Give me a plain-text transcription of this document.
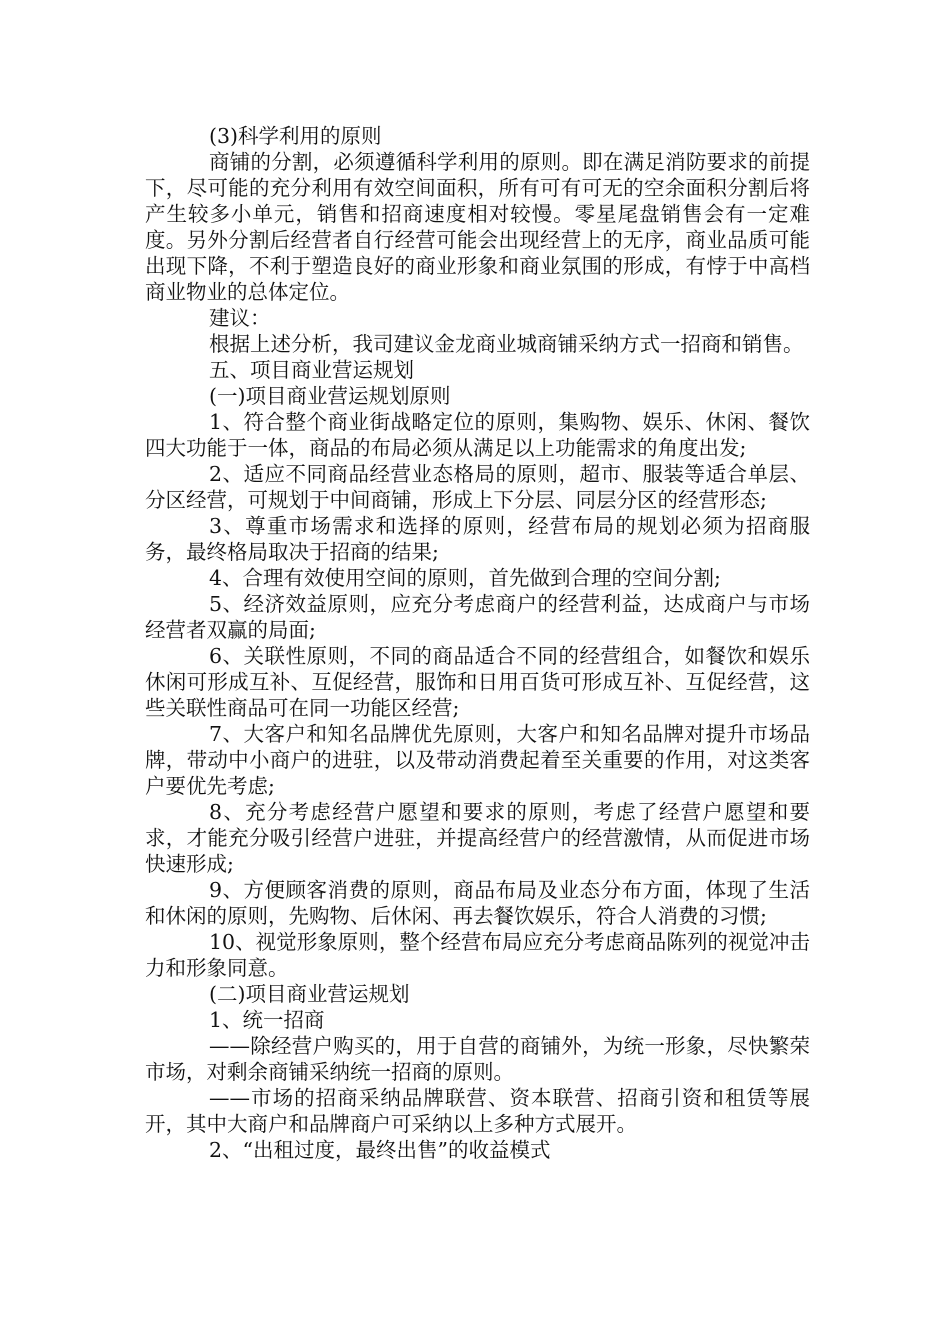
(3)科学利用的原则

商铺的分割，必须遵循科学利用的原则。即在满足消防要求的前提下，尽可能的充分利用有效空间面积，所有可有可无的空余面积分割后将产生较多小单元，销售和招商速度相对较慢。零星尾盘销售会有一定难度。另外分割后经营者自行经营可能会出现经营上的无序，商业品质可能出现下降，不利于塑造良好的商业形象和商业氛围的形成，有悖于中高档商业物业的总体定位。

建议：

根据上述分析，我司建议金龙商业城商铺采纳方式一招商和销售。

五、项目商业营运规划

(一)项目商业营运规划原则

1、符合整个商业街战略定位的原则，集购物、娱乐、休闲、餐饮四大功能于一体，商品的布局必须从满足以上功能需求的角度出发;

2、适应不同商品经营业态格局的原则，超市、服装等适合单层、分区经营，可规划于中间商铺，形成上下分层、同层分区的经营形态;

3、尊重市场需求和选择的原则，经营布局的规划必须为招商服务，最终格局取决于招商的结果;

4、合理有效使用空间的原则，首先做到合理的空间分割;

5、经济效益原则，应充分考虑商户的经营利益，达成商户与市场经营者双赢的局面;

6、关联性原则，不同的商品适合不同的经营组合，如餐饮和娱乐休闲可形成互补、互促经营，服饰和日用百货可形成互补、互促经营，这些关联性商品可在同一功能区经营;

7、大客户和知名品牌优先原则，大客户和知名品牌对提升市场品牌，带动中小商户的进驻，以及带动消费起着至关重要的作用，对这类客户要优先考虑;

8、充分考虑经营户愿望和要求的原则，考虑了经营户愿望和要求，才能充分吸引经营户进驻，并提高经营户的经营激情，从而促进市场快速形成;

9、方便顾客消费的原则，商品布局及业态分布方面，体现了生活和休闲的原则，先购物、后休闲、再去餐饮娱乐，符合人消费的习惯;

10、视觉形象原则，整个经营布局应充分考虑商品陈列的视觉冲击力和形象同意。

(二)项目商业营运规划

1、统一招商

——除经营户购买的，用于自营的商铺外，为统一形象，尽快繁荣市场，对剩余商铺采纳统一招商的原则。

——市场的招商采纳品牌联营、资本联营、招商引资和租赁等展开，其中大商户和品牌商户可采纳以上多种方式展开。

2、“出租过度，最终出售”的收益模式
